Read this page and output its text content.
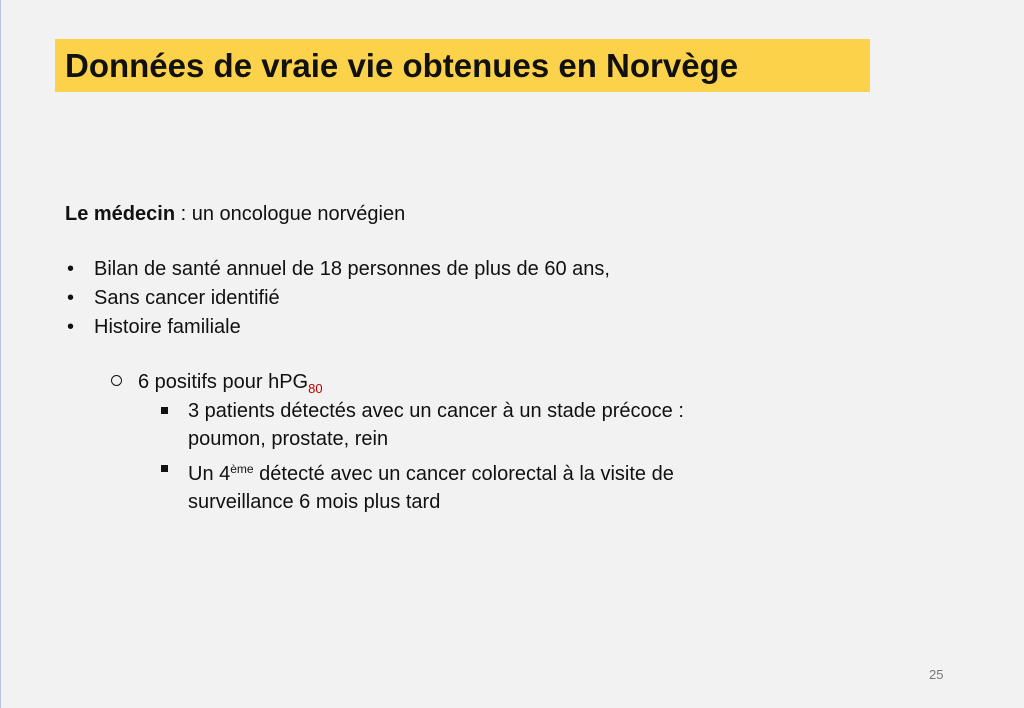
Données de vraie vie obtenues en Norvège
Le médecin : un oncologue norvégien
• Bilan de santé annuel de 18 personnes de plus de 60 ans,
• Sans cancer identifié
• Histoire familiale
6 positifs pour hPG$_{80}$
3 patients détectés avec un cancer à un stade précoce :
poumon, prostate, rein
Un 4ème détecté avec un cancer colorectal à la visite de
surveillance 6 mois plus tard
25
